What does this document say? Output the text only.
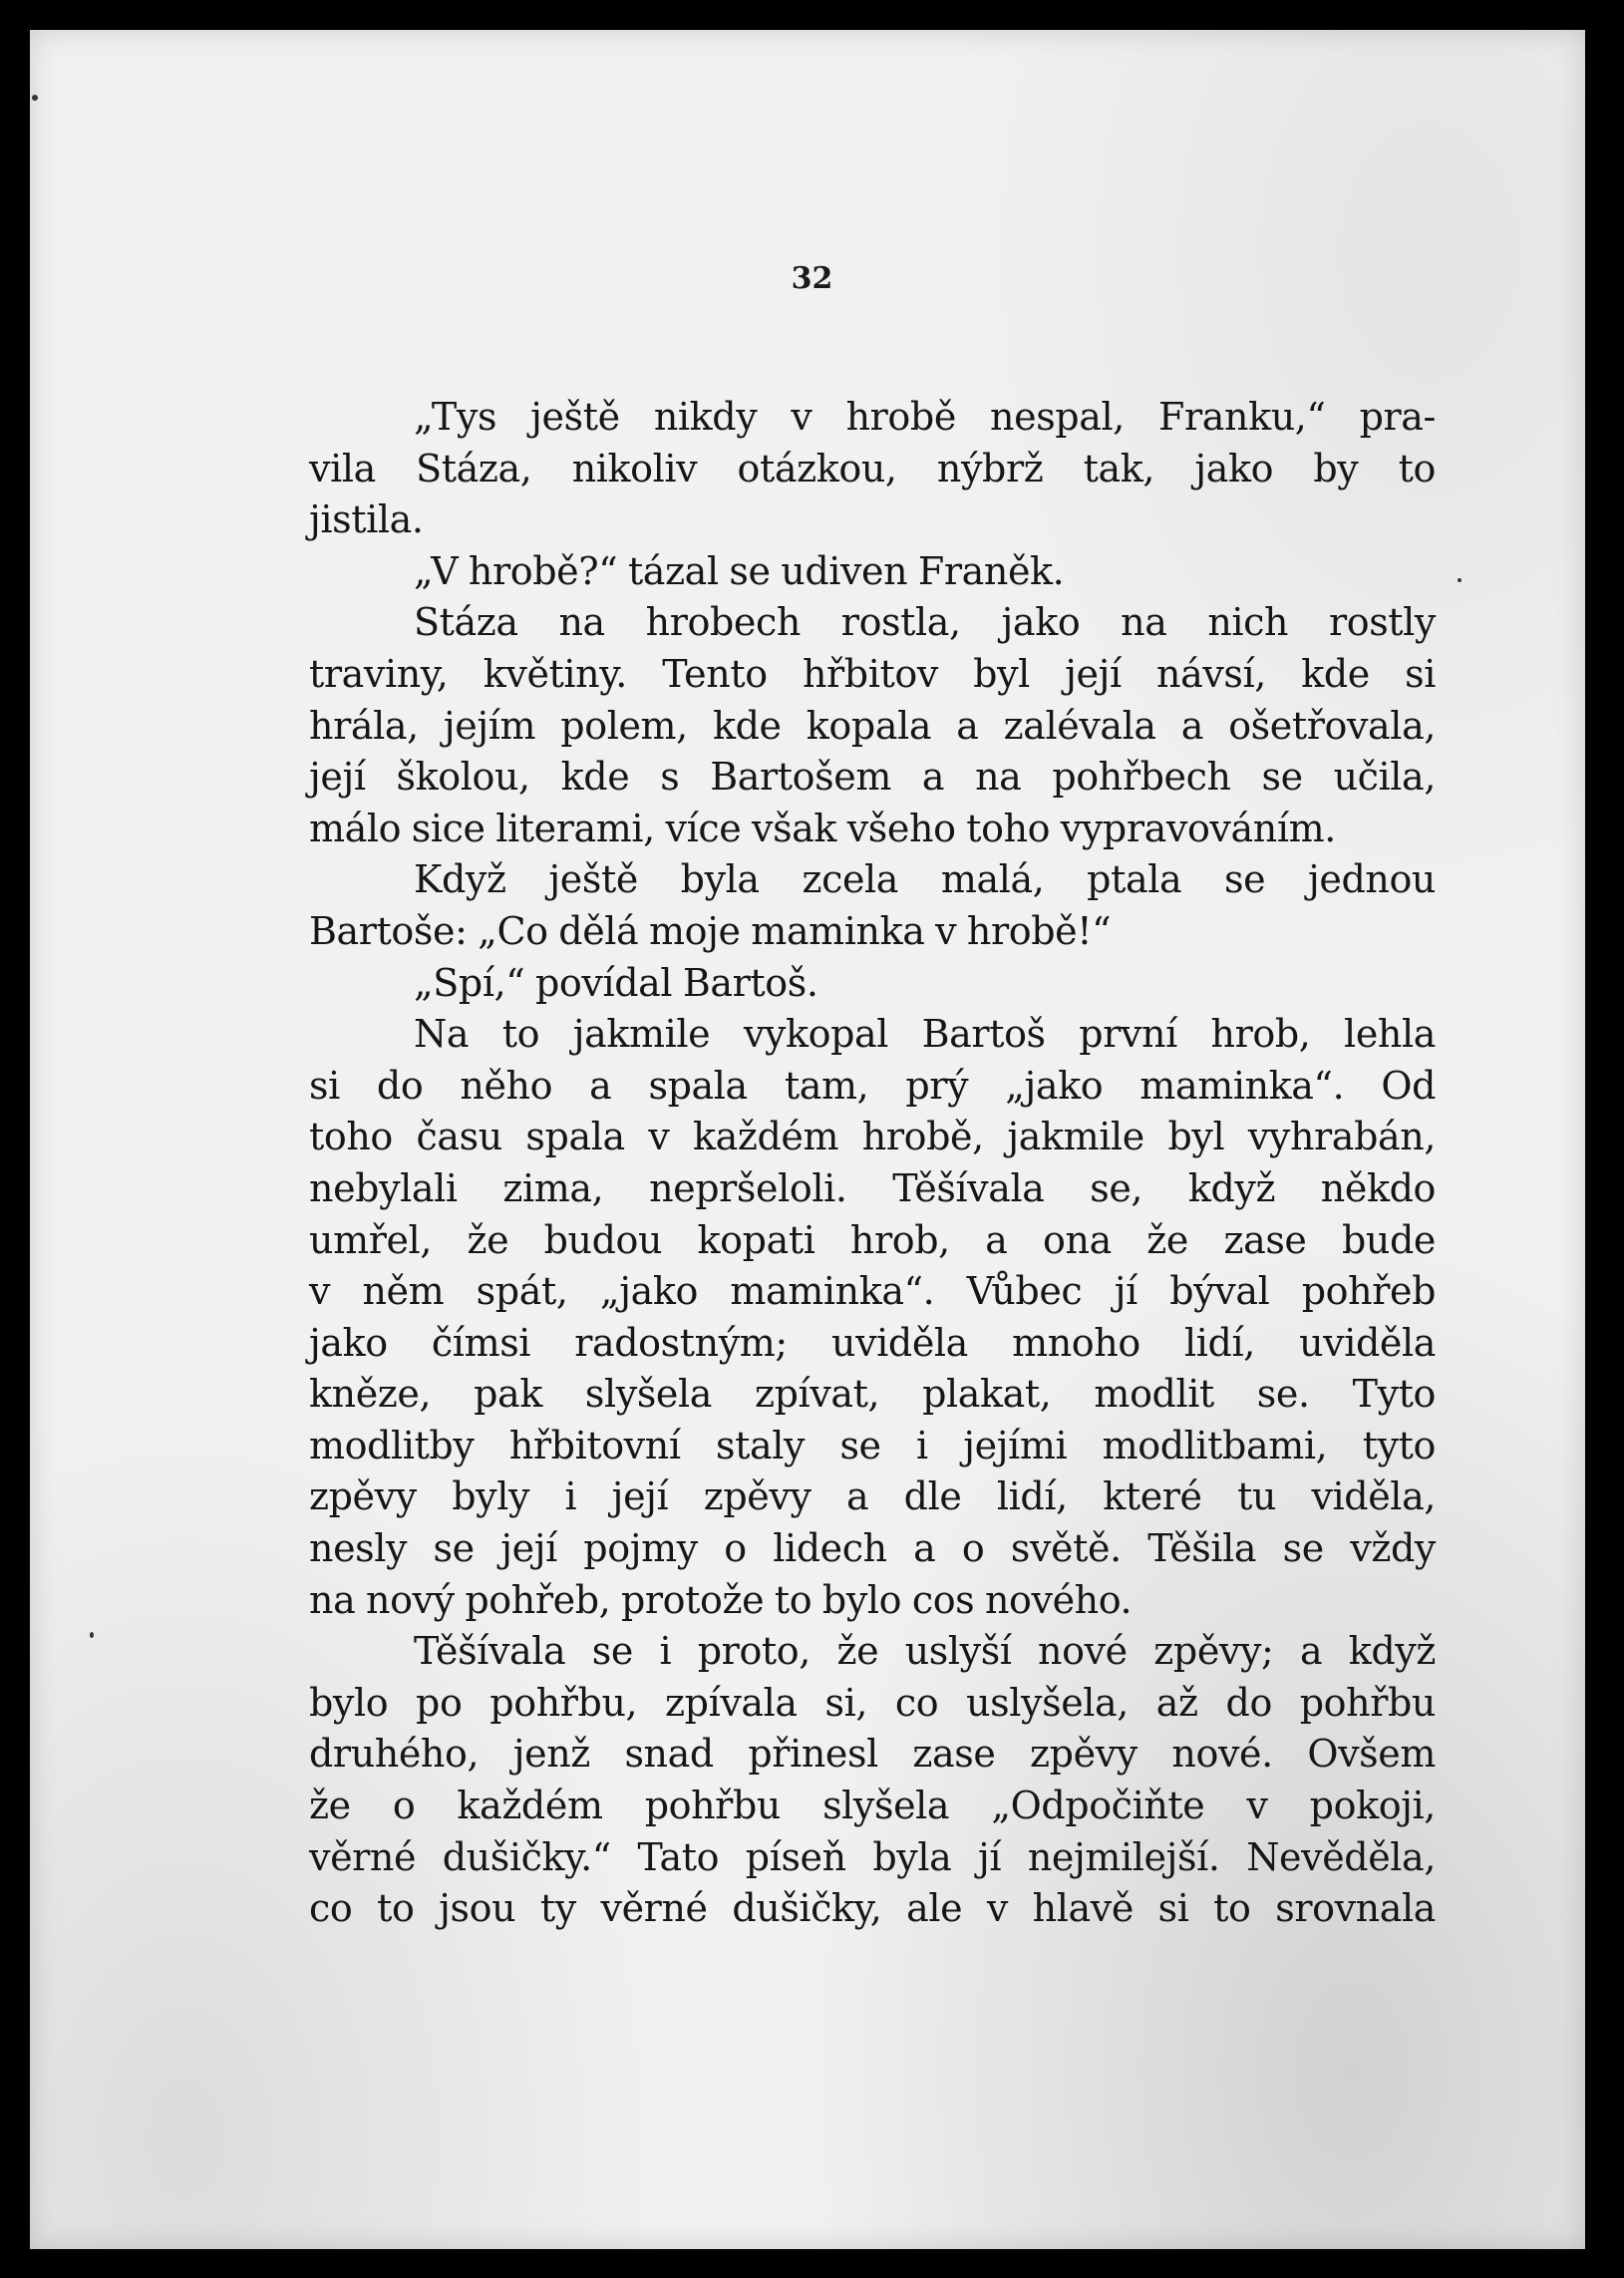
32
„Tys ještě nikdy v hrobě nespal, Franku,“ pra-
vila Stáza, nikoliv otázkou, nýbrž tak, jako by to
jistila.
„V hrobě?“ tázal se udiven Franěk.
Stáza na hrobech rostla, jako na nich rostly
traviny, květiny. Tento hřbitov byl její návsí, kde si
hrála, jejím polem, kde kopala a zalévala a ošetřovala,
její školou, kde s Bartošem a na pohřbech se učila,
málo sice literami, více však všeho toho vypravováním.
Když ještě byla zcela malá, ptala se jednou
Bartoše: „Co dělá moje maminka v hrobě!“
„Spí,“ povídal Bartoš.
Na to jakmile vykopal Bartoš první hrob, lehla
si do něho a spala tam, prý „jako maminka“. Od
toho času spala v každém hrobě, jakmile byl vyhrabán,
nebylali zima, nepršeloli. Těšívala se, když někdo
umřel, že budou kopati hrob, a ona že zase bude
v něm spát, „jako maminka“. Vůbec jí býval pohřeb
jako čímsi radostným; uviděla mnoho lidí, uviděla
kněze, pak slyšela zpívat, plakat, modlit se. Tyto
modlitby hřbitovní staly se i jejími modlitbami, tyto
zpěvy byly i její zpěvy a dle lidí, které tu viděla,
nesly se její pojmy o lidech a o světě. Těšila se vždy
na nový pohřeb, protože to bylo cos nového.
Těšívala se i proto, že uslyší nové zpěvy; a když
bylo po pohřbu, zpívala si, co uslyšela, až do pohřbu
druhého, jenž snad přinesl zase zpěvy nové. Ovšem
že o každém pohřbu slyšela „Odpočiňte v pokoji,
věrné dušičky.“ Tato píseň byla jí nejmilejší. Nevěděla,
co to jsou ty věrné dušičky, ale v hlavě si to srovnala
